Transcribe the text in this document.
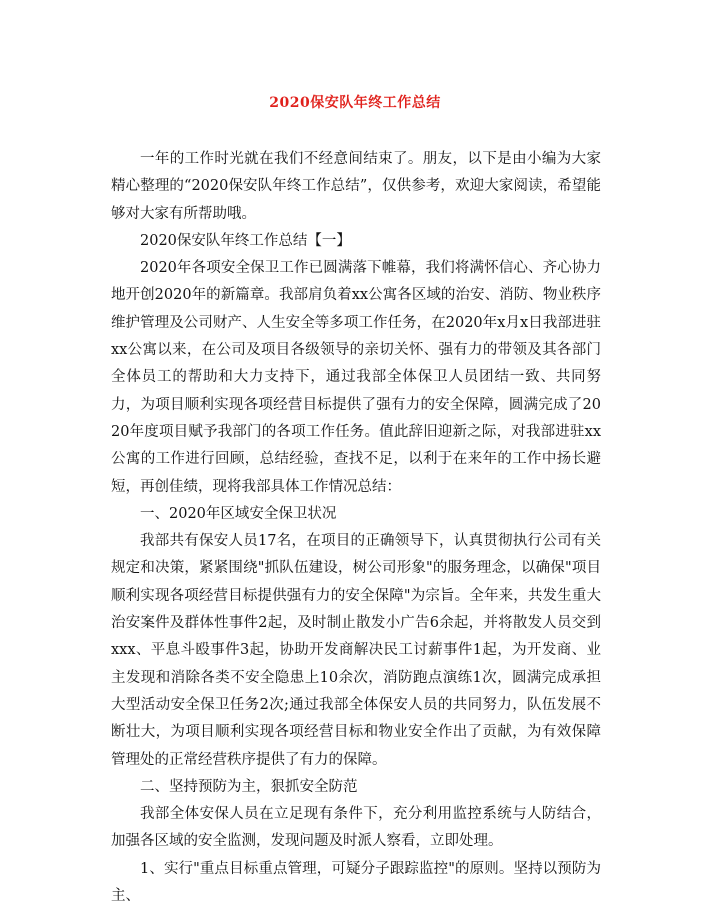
2020保安队年终工作总结

一年的工作时光就在我们不经意间结束了。朋友，以下是由小编为大家精心整理的“2020保安队年终工作总结”，仅供参考，欢迎大家阅读，希望能够对大家有所帮助哦。

2020保安队年终工作总结【一】

2020年各项安全保卫工作已圆满落下帷幕，我们将满怀信心、齐心协力地开创2020年的新篇章。我部肩负着xx公寓各区域的治安、消防、物业秩序维护管理及公司财产、人生安全等多项工作任务，在2020年x月x日我部进驻xx公寓以来，在公司及项目各级领导的亲切关怀、强有力的带领及其各部门全体员工的帮助和大力支持下，通过我部全体保卫人员团结一致、共同努力，为项目顺利实现各项经营目标提供了强有力的安全保障，圆满完成了2020年度项目赋予我部门的各项工作任务。值此辞旧迎新之际，对我部进驻xx公寓的工作进行回顾，总结经验，查找不足，以利于在来年的工作中扬长避短，再创佳绩，现将我部具体工作情况总结：

一、2020年区域安全保卫状况

我部共有保安人员17名，在项目的正确领导下，认真贯彻执行公司有关规定和决策，紧紧围绕"抓队伍建设，树公司形象"的服务理念，以确保"项目顺利实现各项经营目标提供强有力的安全保障"为宗旨。全年来，共发生重大治安案件及群体性事件2起，及时制止散发小广告6余起，并将散发人员交到xxx、平息斗殴事件3起，协助开发商解决民工讨薪事件1起，为开发商、业主发现和消除各类不安全隐患上10余次，消防跑点演练1次，圆满完成承担大型活动安全保卫任务2次;通过我部全体保安人员的共同努力，队伍发展不断壮大，为项目顺利实现各项经营目标和物业安全作出了贡献，为有效保障管理处的正常经营秩序提供了有力的保障。

二、坚持预防为主，狠抓安全防范

我部全体安保人员在立足现有条件下，充分利用监控系统与人防结合，加强各区域的安全监测，发现问题及时派人察看，立即处理。

1、实行"重点目标重点管理，可疑分子跟踪监控"的原则。坚持以预防为主、
